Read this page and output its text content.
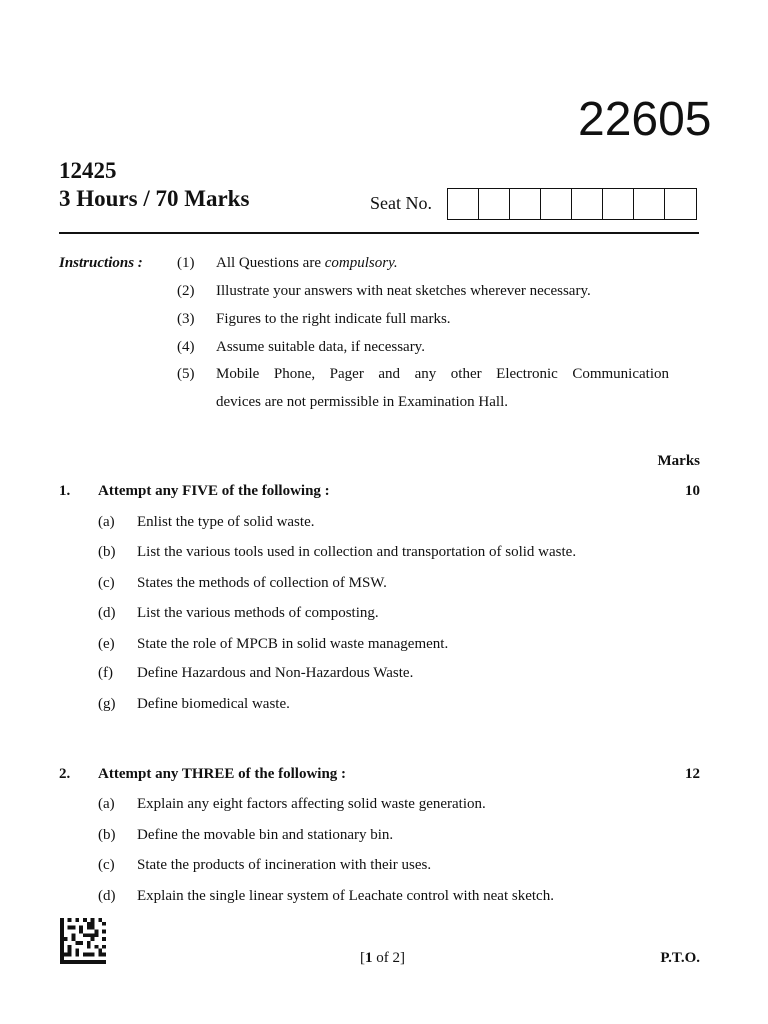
22605
12425
3 Hours / 70 Marks	Seat No.
Instructions : (1) All Questions are compulsory.
(2) Illustrate your answers with neat sketches wherever necessary.
(3) Figures to the right indicate full marks.
(4) Assume suitable data, if necessary.
(5) Mobile Phone, Pager and any other Electronic Communication
devices are not permissible in Examination Hall.
Marks
1. Attempt any FIVE of the following :	10
(a) Enlist the type of solid waste.
(b) List the various tools used in collection and transportation of solid waste.
(c) States the methods of collection of MSW.
(d) List the various methods of composting.
(e) State the role of MPCB in solid waste management.
(f) Define Hazardous and Non-Hazardous Waste.
(g) Define biomedical waste.
2. Attempt any THREE of the following :	12
(a) Explain any eight factors affecting solid waste generation.
(b) Define the movable bin and stationary bin.
(c) State the products of incineration with their uses.
(d) Explain the single linear system of Leachate control with neat sketch.
[1 of 2]	P.T.O.
